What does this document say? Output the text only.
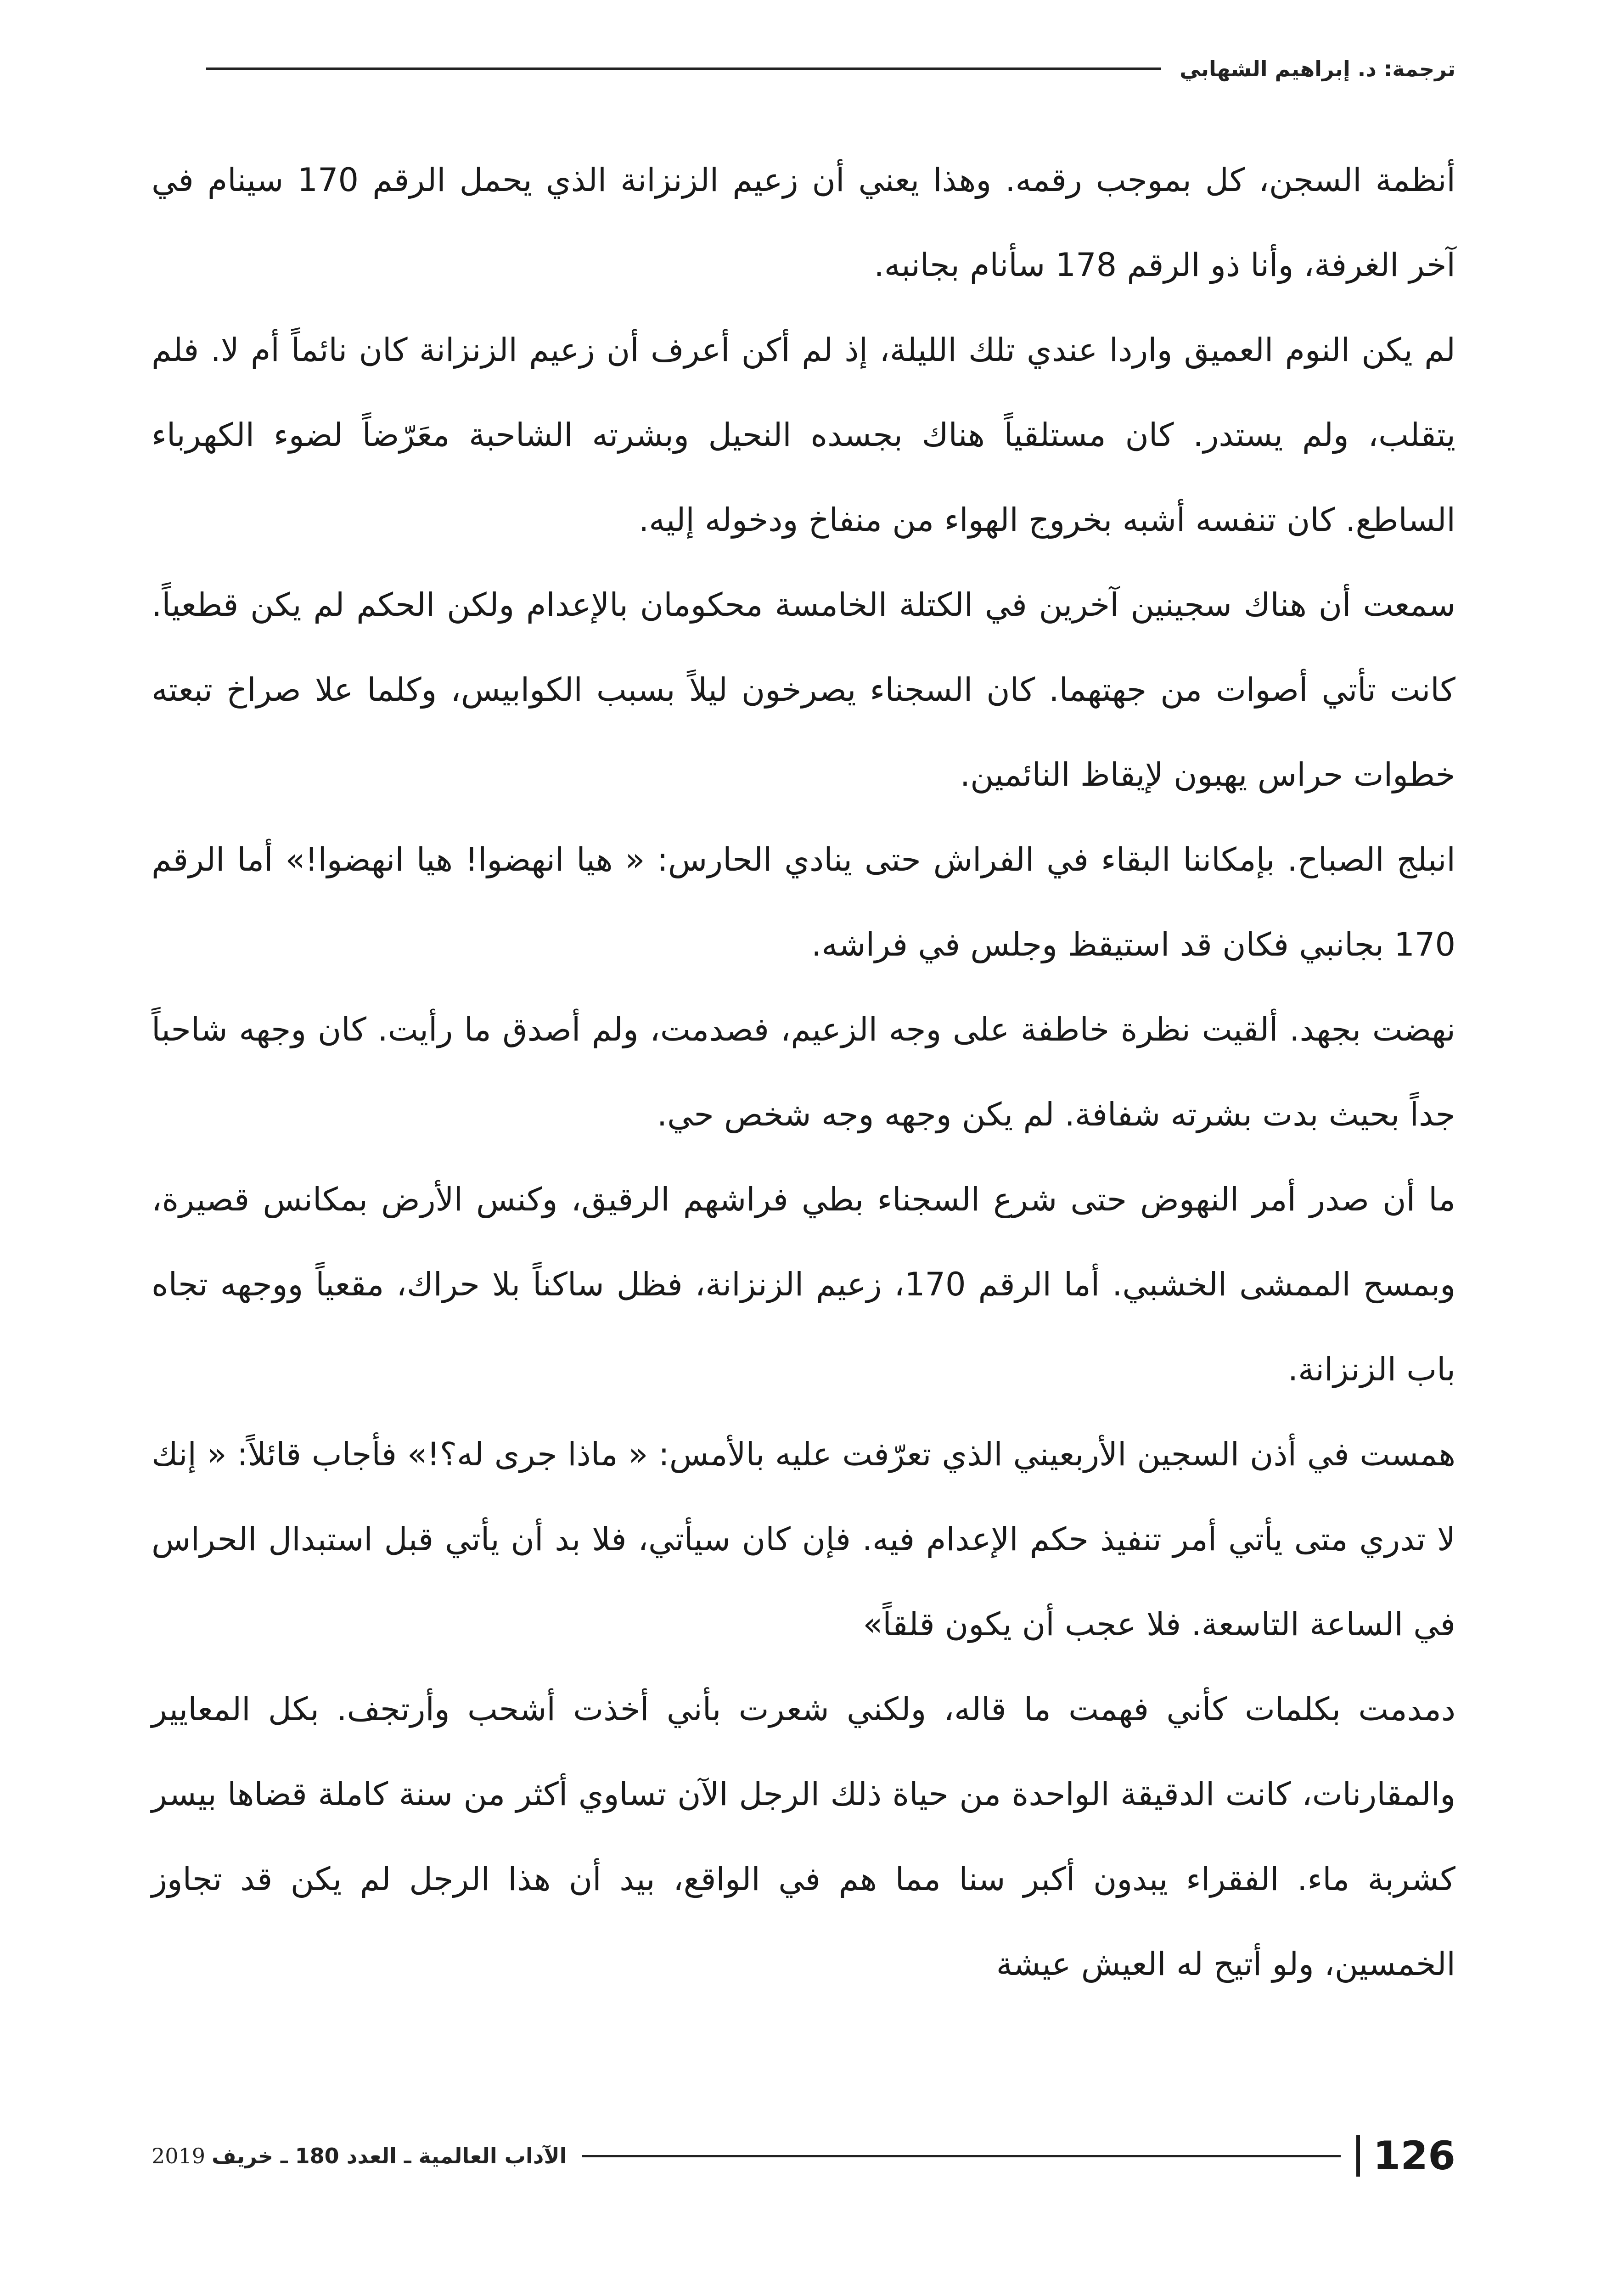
ترجمة: د. إبراهيم الشهابي

أنظمة السجن، كل بموجب رقمه. وهذا يعني أن زعيم الزنزانة الذي يحمل الرقم 170 سينام في آخر الغرفة، وأنا ذو الرقم 178 سأنام بجانبه.

لم يكن النوم العميق واردا عندي تلك الليلة، إذ لم أكن أعرف أن زعيم الزنزانة كان نائماً أم لا. فلم يتقلب، ولم يستدر. كان مستلقياً هناك بجسده النحيل وبشرته الشاحبة معَرّضاً لضوء الكهرباء الساطع. كان تنفسه أشبه بخروج الهواء من منفاخ ودخوله إليه.

سمعت أن هناك سجينين آخرين في الكتلة الخامسة محكومان بالإعدام ولكن الحكم لم يكن قطعياً. كانت تأتي أصوات من جهتهما. كان السجناء يصرخون ليلاً بسبب الكوابيس، وكلما علا صراخ تبعته خطوات حراس يهبون لإيقاظ النائمين.

انبلج الصباح. بإمكاننا البقاء في الفراش حتى ينادي الحارس: « هيا انهضوا! هيا انهضوا!» أما الرقم 170 بجانبي فكان قد استيقظ وجلس في فراشه.

نهضت بجهد. ألقيت نظرة خاطفة على وجه الزعيم، فصدمت، ولم أصدق ما رأيت. كان وجهه شاحباً جداً بحيث بدت بشرته شفافة. لم يكن وجهه وجه شخص حي.

ما أن صدر أمر النهوض حتى شرع السجناء بطي فراشهم الرقيق، وكنس الأرض بمكانس قصيرة، وبمسح الممشى الخشبي. أما الرقم 170، زعيم الزنزانة، فظل ساكناً بلا حراك، مقعياً ووجهه تجاه باب الزنزانة.

همست في أذن السجين الأربعيني الذي تعرّفت عليه بالأمس: « ماذا جرى له؟!» فأجاب قائلاً: « إنك لا تدري متى يأتي أمر تنفيذ حكم الإعدام فيه. فإن كان سيأتي، فلا بد أن يأتي قبل استبدال الحراس في الساعة التاسعة. فلا عجب أن يكون قلقاً»

دمدمت بكلمات كأني فهمت ما قاله، ولكني شعرت بأني أخذت أشحب وأرتجف. بكل المعايير والمقارنات، كانت الدقيقة الواحدة من حياة ذلك الرجل الآن تساوي أكثر من سنة كاملة قضاها بيسر كشربة ماء. الفقراء يبدون أكبر سنا مما هم في الواقع، بيد أن هذا الرجل لم يكن قد تجاوز الخمسين، ولو أتيح له العيش عيشة

126
الآداب العالمية ـ العدد 180 ـ خريف
2019
